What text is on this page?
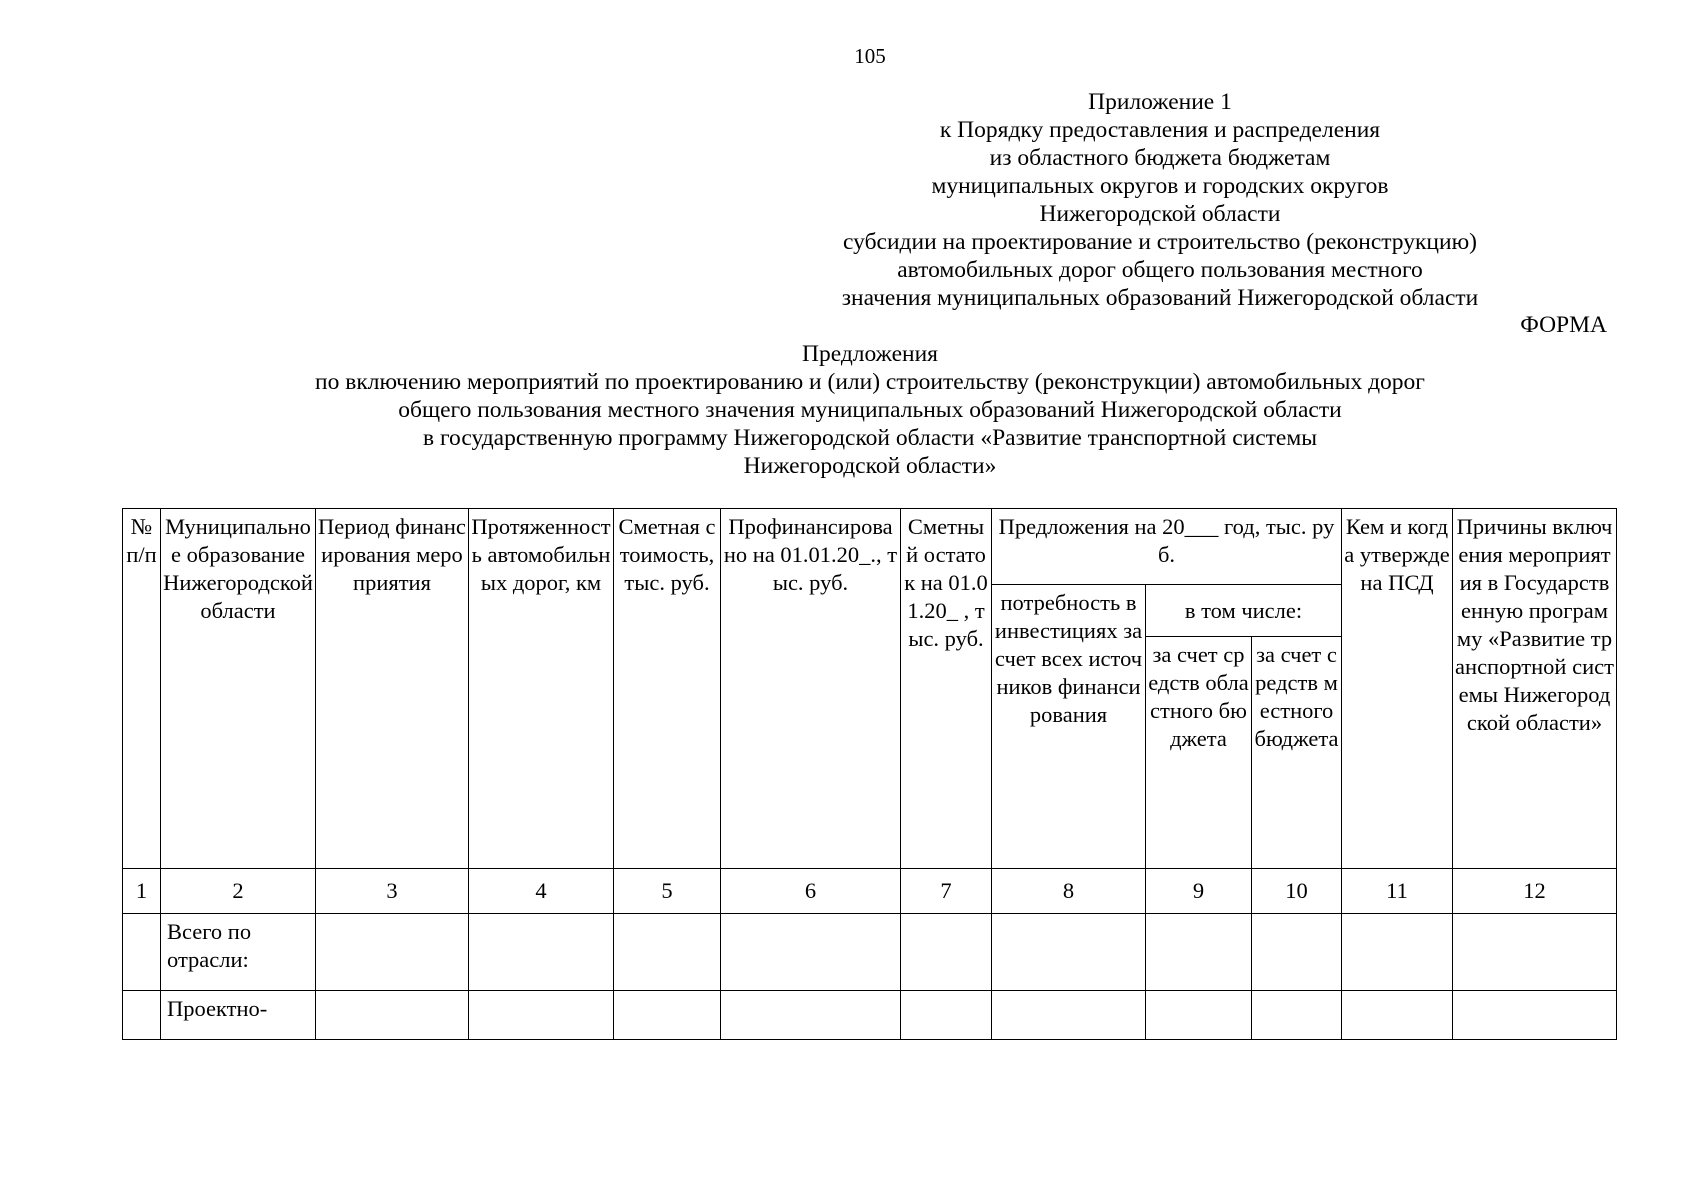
105
Приложение 1
к Порядку предоставления и распределения
из областного бюджета бюджетам
муниципальных округов и городских округов
Нижегородской области
субсидии на проектирование и строительство (реконструкцию)
автомобильных дорог общего пользования местного
значения муниципальных образований Нижегородской области
ФОРМА
Предложения
по включению мероприятий по проектированию и (или) строительству (реконструкции) автомобильных дорог
общего пользования местного значения муниципальных образований Нижегородской области
в государственную программу Нижегородской области «Развитие транспортной системы
Нижегородской области»
№ п/п	Муниципальное образование Нижегородской области	Период финансирования мероприятия	Протяженность автомобильных дорог, км	Сметная стоимость, тыс. руб.	Профинансировано на 01.01.20_., тыс. руб.	Сметный остаток на 01.01.20_ , тыс. руб.	Предложения на 20___ год, тыс. руб.			Кем и когда утверждена ПСД	Причины включения мероприятия в Государственную программу «Развитие транспортной системы Нижегородской области»
							потребность в инвестициях за счет всех источников финансирования	в том числе:			
								за счет средств областного бюджета	за счет средств местного бюджета		
1	2	3	4	5	6	7	8	9	10	11	12
	Всего по отрасли:										
	Проектно-										
